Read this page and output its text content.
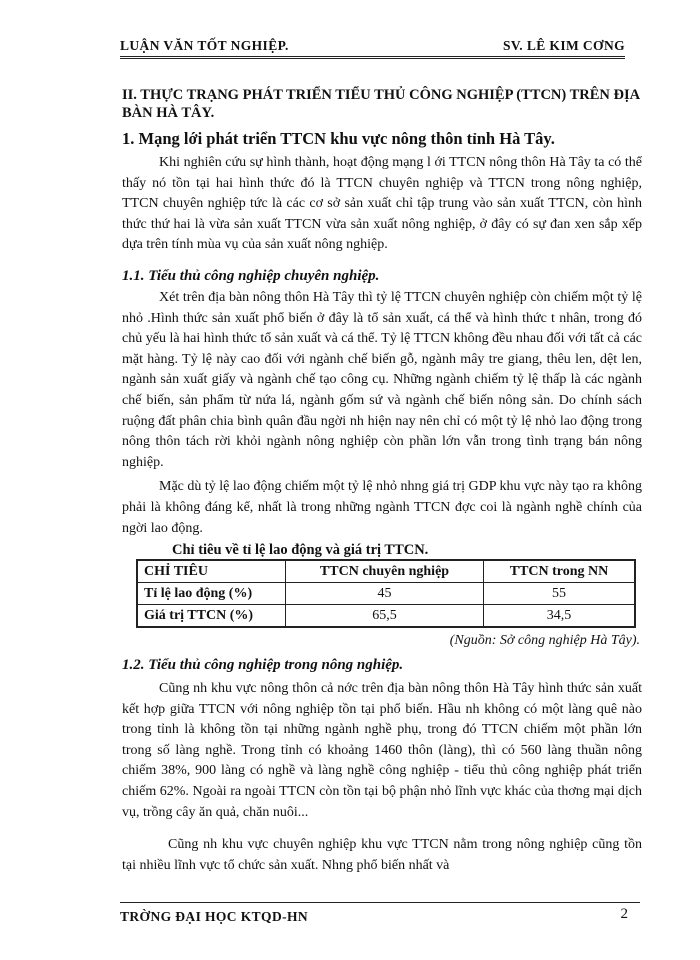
LUẬN VĂN TỐT NGHIỆP.	SV. LÊ KIM CƠNG
II. THỰC TRẠNG PHÁT TRIỂN TIỂU THỦ CÔNG NGHIỆP (TTCN) TRÊN ĐỊA BÀN HÀ TÂY.
1. Mạng lới phát triển TTCN khu vực nông thôn tỉnh Hà Tây.

Khi nghiên cứu sự hình thành, hoạt động mạng l ới TTCN nông thôn Hà Tây ta có thể thấy nó tồn tại hai hình thức đó là TTCN chuyên nghiệp và TTCN trong nông nghiệp, TTCN chuyên nghiệp tức là các cơ sở sản xuất chỉ tập trung vào sản xuất TTCN, còn hình thức thứ hai là vừa sản xuất TTCN vừa sản xuất nông nghiệp, ở đây có sự đan xen sắp xếp dựa trên tính mùa vụ của sản xuất nông nghiệp.

1.1. Tiểu thủ công nghiệp chuyên nghiệp.

Xét trên địa bàn nông thôn Hà Tây thì tỷ lệ TTCN chuyên nghiệp còn chiếm một tỷ lệ nhỏ .Hình thức sản xuất phổ biến ở đây là tổ sản xuất, cá thể và hình thức t nhân, trong đó chủ yếu là hai hình thức tổ sản xuất và cá thể. Tỷ lệ TTCN không đều nhau đối với tất cả các mặt hàng. Tỷ lệ này cao đối với ngành chế biến gỗ, ngành mây tre giang, thêu len, dệt len, ngành sản xuất giấy và ngành chế tạo công cụ. Những ngành chiếm tỷ lệ thấp là các ngành chế biến, sản phẩm từ nứa lá, ngành gốm sứ và ngành chế biến nông sản. Do chính sách ruộng đất phân chia bình quân đầu ngời nh hiện nay nên chỉ có một tỷ lệ nhỏ lao động trong nông thôn tách rời khỏi ngành nông nghiệp còn phần lớn vẫn trong tình trạng bán nông nghiệp.

Mặc dù tỷ lệ lao động chiếm một tỷ lệ nhỏ nhng giá trị GDP khu vực này tạo ra không phải là không đáng kể, nhất là trong những ngành TTCN đợc coi là ngành nghề chính của ngời lao động.

Chỉ tiêu về tỉ lệ lao động và giá trị TTCN.

CHỈ TIÊU	TTCN chuyên nghiệp	TTCN trong NN
Tỉ lệ lao động (%)	45	55
Giá trị TTCN (%)	65,5	34,5

(Nguồn: Sở công nghiệp Hà Tây).

1.2. Tiểu thủ công nghiệp trong nông nghiệp.

Cũng nh khu vực nông thôn cả nớc trên địa bàn nông thôn Hà Tây hình thức sản xuất kết hợp giữa TTCN với nông nghiệp tồn tại phổ biến. Hầu nh không có một làng quê nào trong tỉnh là không tồn tại những ngành nghề phụ, trong đó TTCN chiếm một phần lớn trong số làng nghề. Trong tỉnh có khoảng 1460 thôn (làng), thì có 560 làng thuần nông chiếm 38%, 900 làng có nghề và làng nghề công nghiệp - tiểu thủ công nghiệp phát triển chiếm 62%. Ngoài ra ngoài TTCN còn tồn tại bộ phận nhỏ lĩnh vực khác của thơng mại dịch vụ, trồng cây ăn quả, chăn nuôi...

Cũng nh khu vực chuyên nghiệp khu vực TTCN nằm trong nông nghiệp cũng tồn tại nhiều lĩnh vực tổ chức sản xuất. Nhng phổ biến nhất và

TRỜNG ĐẠI HỌC KTQD-HN	2
